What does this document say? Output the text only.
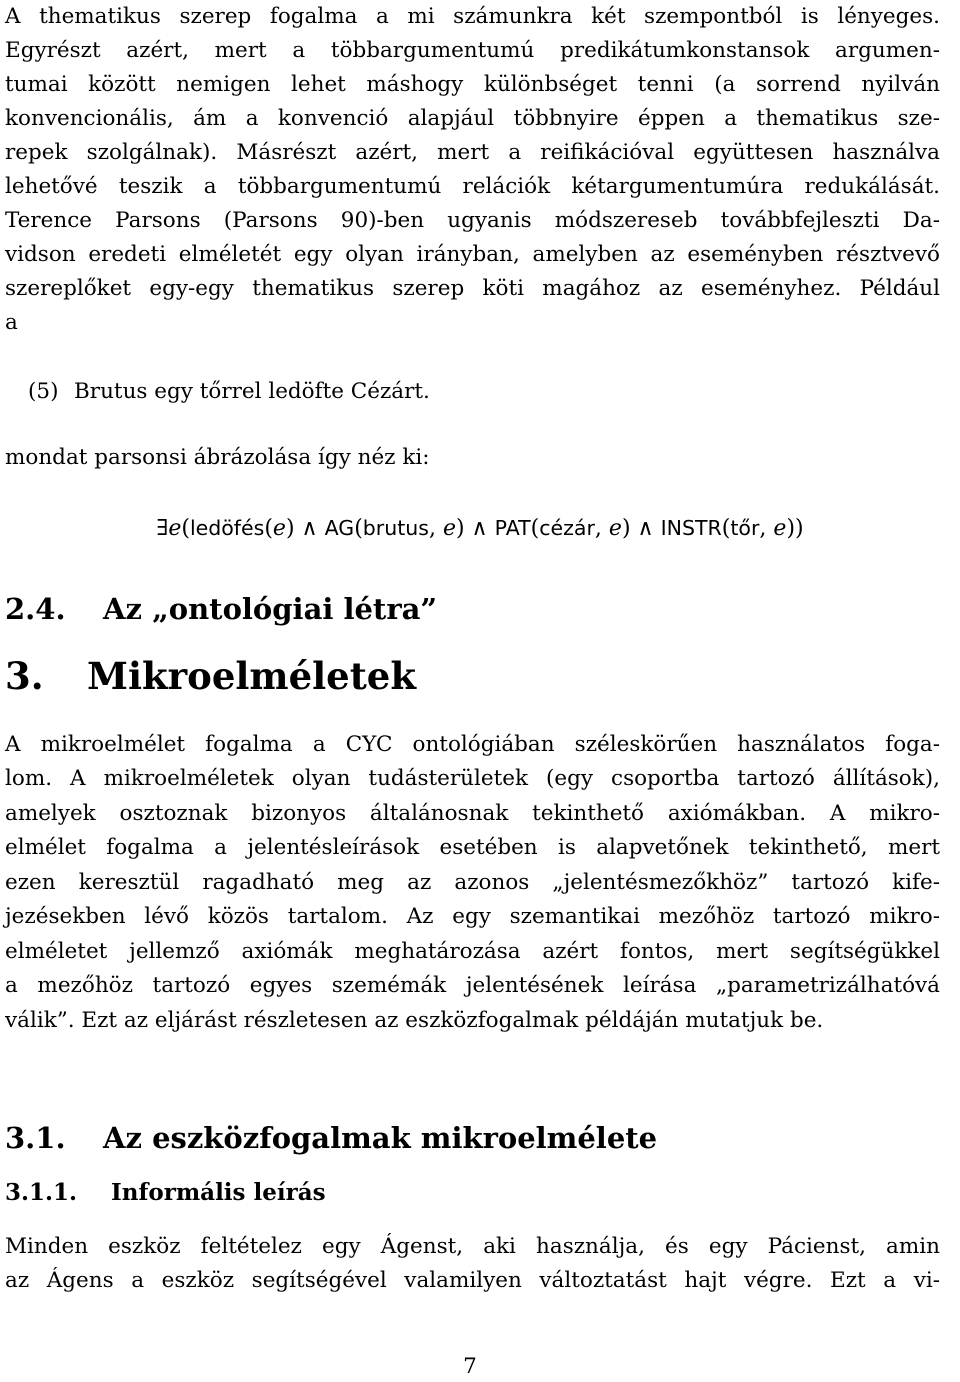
A thematikus szerep fogalma a mi számunkra két szempontból is lényeges.
Egyrészt azért, mert a többargumentumú predikátumkonstansok argumen-
tumai között nemigen lehet máshogy különbséget tenni (a sorrend nyilván
konvencionális, ám a konvenció alapjául többnyire éppen a thematikus sze-
repek szolgálnak). Másrészt azért, mert a reifikációval együttesen használva
lehetővé teszik a többargumentumú relációk kétargumentumúra redukálását.
Terence Parsons (Parsons 90)-ben ugyanis módszereseb továbbfejleszti Da-
vidson eredeti elméletét egy olyan irányban, amelyben az eseményben résztvevő
szereplőket egy-egy thematikus szerep köti magához az eseményhez. Például
a
(5) Brutus egy tőrrel ledöfte Cézárt.
mondat parsonsi ábrázolása így néz ki:
∃e(ledöfés(e) ∧ AG(brutus, e) ∧ PAT(cézár, e) ∧ INSTR(tőr, e))
2.4. Az „ontológiai létra”
3. Mikroelméletek
A mikroelmélet fogalma a CYC ontológiában széleskörűen használatos foga-
lom. A mikroelméletek olyan tudásterületek (egy csoportba tartozó állítások),
amelyek osztoznak bizonyos általánosnak tekinthető axiómákban. A mikro-
elmélet fogalma a jelentésleírások esetében is alapvetőnek tekinthető, mert
ezen keresztül ragadható meg az azonos „jelentésmezőkhöz” tartozó kife-
jezésekben lévő közös tartalom. Az egy szemantikai mezőhöz tartozó mikro-
elméletet jellemző axiómák meghatározása azért fontos, mert segítségükkel
a mezőhöz tartozó egyes szemémák jelentésének leírása „parametrizálhatóvá
válik”. Ezt az eljárást részletesen az eszközfogalmak példáján mutatjuk be.
3.1. Az eszközfogalmak mikroelmélete
3.1.1. Informális leírás
Minden eszköz feltételez egy Ágenst, aki használja, és egy Pácienst, amin
az Ágens a eszköz segítségével valamilyen változtatást hajt végre. Ezt a vi-
7
